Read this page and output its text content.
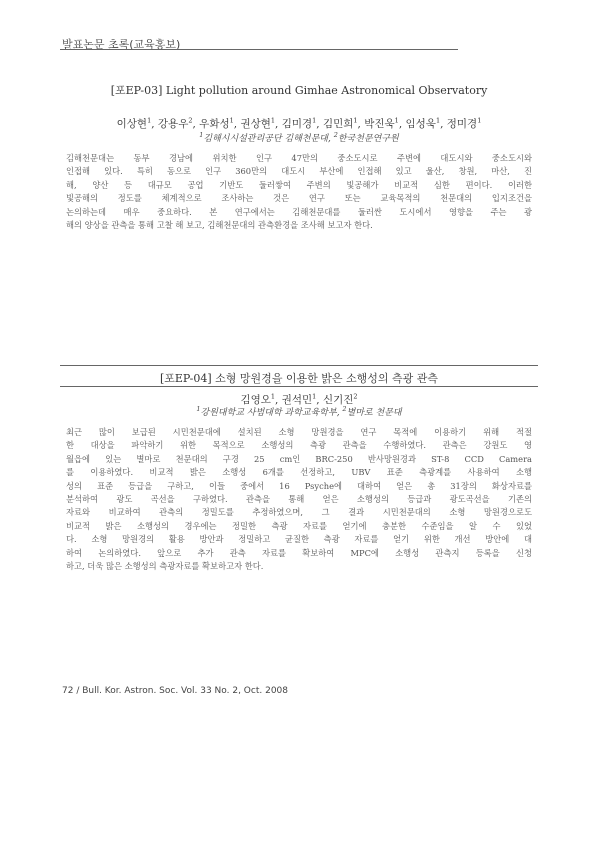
발표논문 초록(교육홍보)
[포EP-03] Light pollution around Gimhae Astronomical Observatory
이상현$^1$, 강용우$^2$, 우화성$^1$, 권상현$^1$, 김미경$^1$, 김민희$^1$, 박진욱$^1$, 임성욱$^1$, 정미경$^1$
$^1$김해시시설관리공단 김해천문대, $^2$한국천문연구원
김해천문대는 동부 경남에 위치한 인구 47만의 중소도시로 주변에 대도시와 중소도시와
인접해 있다. 특히 동으로 인구 360만의 대도시 부산에 인접해 있고 울산, 창원, 마산, 진
해, 양산 등 대규모 공업 기반도 둘러쌓여 주변의 빛공해가 비교적 심한 편이다. 이러한
빛공해의 정도를 체계적으로 조사하는 것은 연구 또는 교육목적의 천문대의 입지조건을
논의하는데 매우 중요하다. 본 연구에서는 김해천문대를 둘러싼 도시에서 영향을 주는 광
해의 양상을 관측을 통해 고찰 해 보고, 김해천문대의 관측환경을 조사해 보고자 한다.
[포EP-04] 소형 망원경을 이용한 밝은 소행성의 측광 관측
김영오$^1$, 권석민$^1$, 신기진$^2$
$^1$강원대학교 사범대학 과학교육학부, $^2$별마로 천문대
최근 많이 보급된 시민천문대에 설치된 소형 망원경을 연구 목적에 이용하기 위해 적절
한 대상을 파악하기 위한 목적으로 소행성의 측광 관측을 수행하였다. 관측은 강원도 영
월읍에 있는 별마로 천문대의 구경 25 cm인 BRC-250 반사망원경과 ST-8 CCD Camera
를 이용하였다. 비교적 밝은 소행성 6개를 선정하고, UBV 표준 측광계를 사용하여 소행
성의 표준 등급을 구하고, 이들 중에서 16 Psyche에 대하여 얻은 총 31장의 화상자료를
분석하여 광도 곡선을 구하였다. 관측을 통해 얻은 소행성의 등급과 광도곡선을 기존의
자료와 비교하여 관측의 정밀도를 추정하였으며, 그 결과 시민천문대의 소형 망원경으로도
비교적 밝은 소행성의 경우에는 정밀한 측광 자료를 얻기에 충분한 수준임을 알 수 있었
다. 소형 망원경의 활용 방안과 정밀하고 균질한 측광 자료를 얻기 위한 개선 방안에 대
하여 논의하였다. 앞으로 추가 관측 자료를 확보하여 MPC에 소행성 관측지 등록을 신청
하고, 더욱 많은 소행성의 측광자료를 확보하고자 한다.
72 / Bull. Kor. Astron. Soc. Vol. 33 No. 2, Oct. 2008
